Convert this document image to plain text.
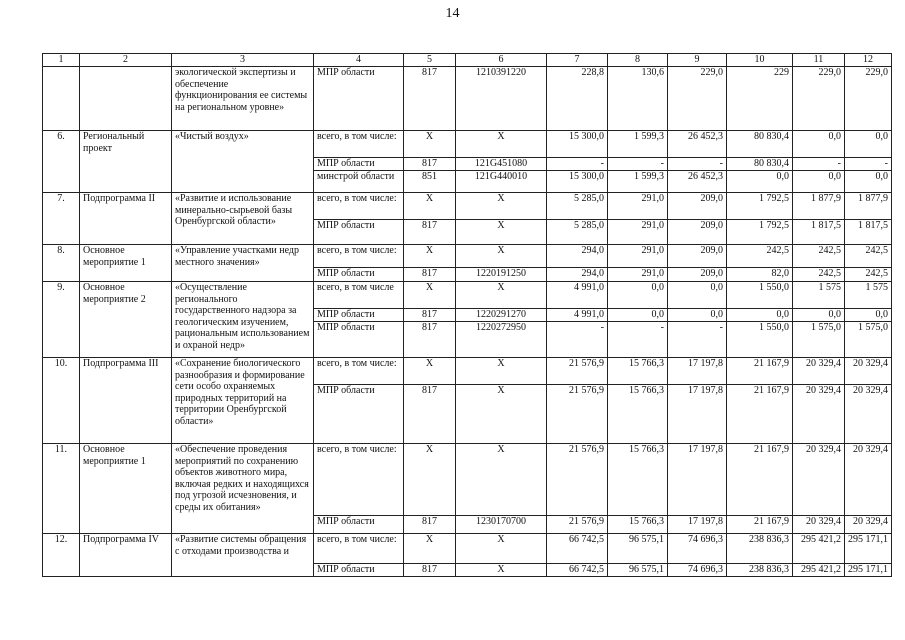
14
1	2	3	4	5	6	7	8	9	10	11	12
		экологической экспертизы и обеспечение функционирования ее системы на региональном уровне»	МПР области	817	1210391220	228,8	130,6	229,0	229	229,0	229,0
6.	Региональный проект	«Чистый воздух»	всего, в том числе:	Х	Х	15 300,0	1 599,3	26 452,3	80 830,4	0,0	0,0
			МПР области	817	121G451080	-	-	-	80 830,4	-	-
			минстрой области	851	121G440010	15 300,0	1 599,3	26 452,3	0,0	0,0	0,0
7.	Подпрограмма II	«Развитие и использование минерально-сырьевой базы Оренбургской области»	всего, в том числе:	Х	Х	5 285,0	291,0	209,0	1 792,5	1 877,9	1 877,9
			МПР области	817	Х	5 285,0	291,0	209,0	1 792,5	1 817,5	1 817,5
8.	Основное мероприятие 1	«Управление участками недр местного значения»	всего, в том числе:	Х	Х	294,0	291,0	209,0	242,5	242,5	242,5
			МПР области	817	1220191250	294,0	291,0	209,0	82,0	242,5	242,5
9.	Основное мероприятие 2	«Осуществление регионального государственного надзора за геологическим изучением, рациональным использованием и охраной недр»	всего, в том числе	Х	Х	4 991,0	0,0	0,0	1 550,0	1 575	1 575
			МПР области	817	1220291270	4 991,0	0,0	0,0	0,0	0,0	0,0
			МПР области	817	1220272950	-	-	-	1 550,0	1 575,0	1 575,0
10.	Подпрограмма III	«Сохранение биологического разнообразия и формирование сети особо охраняемых природных территорий на территории Оренбургской области»	всего, в том числе:	Х	Х	21 576,9	15 766,3	17 197,8	21 167,9	20 329,4	20 329,4
			МПР области	817	Х	21 576,9	15 766,3	17 197,8	21 167,9	20 329,4	20 329,4
11.	Основное мероприятие 1	«Обеспечение проведения мероприятий по сохранению объектов животного мира, включая редких и находящихся под угрозой исчезновения, и среды их обитания»	всего, в том числе:	Х	Х	21 576,9	15 766,3	17 197,8	21 167,9	20 329,4	20 329,4
			МПР области	817	1230170700	21 576,9	15 766,3	17 197,8	21 167,9	20 329,4	20 329,4
12.	Подпрограмма IV	«Развитие системы обращения с отходами производства и	всего, в том числе:	Х	Х	66 742,5	96 575,1	74 696,3	238 836,3	295 421,2	295 171,1
			МПР области	817	Х	66 742,5	96 575,1	74 696,3	238 836,3	295 421,2	295 171,1
